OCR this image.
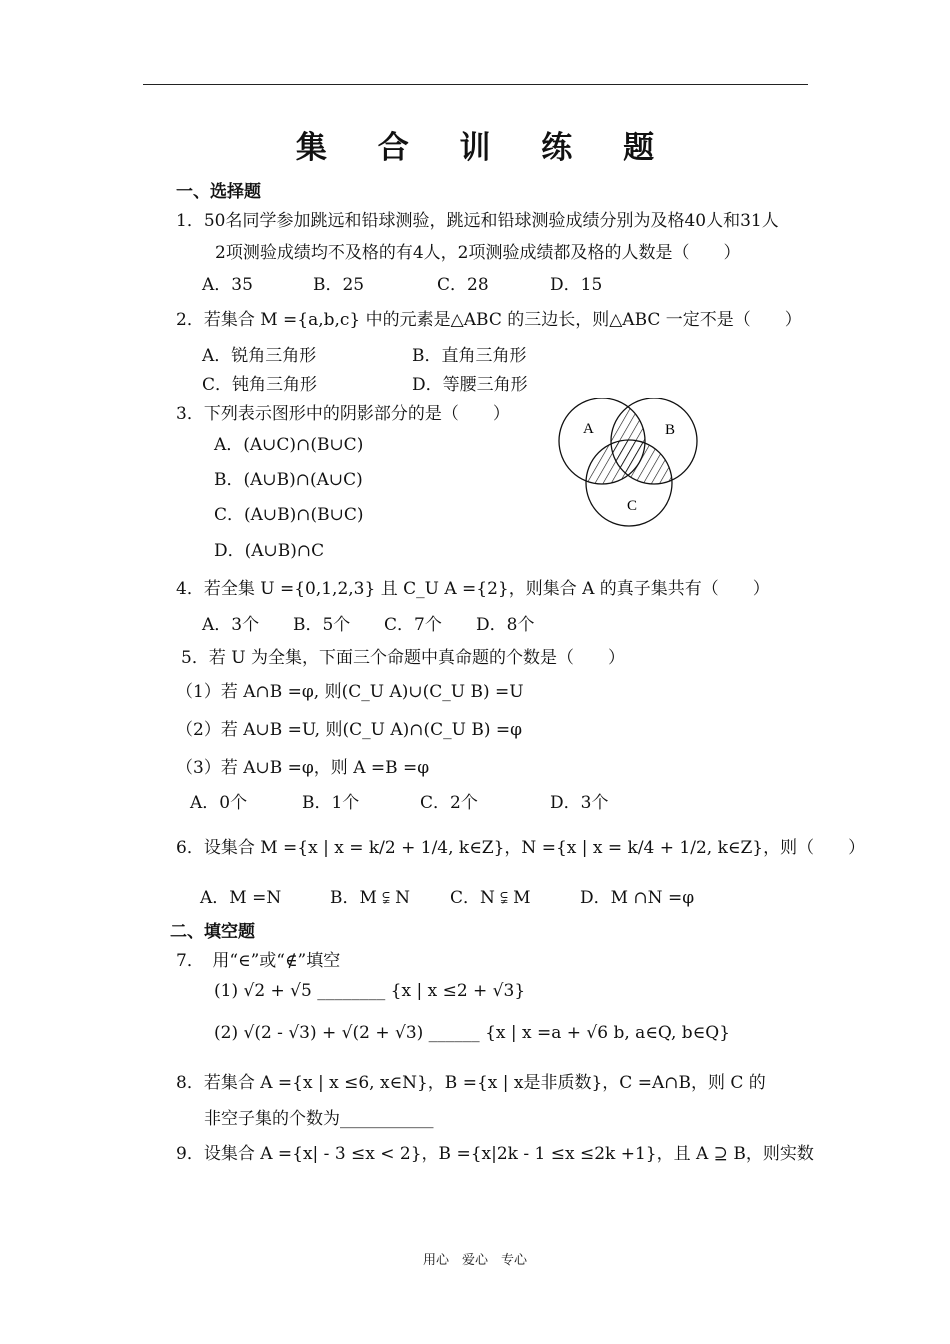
集 合 训 练 题
一、选择题
1．50名同学参加跳远和铅球测验，跳远和铅球测验成绩分别为及格40人和31人
2项测验成绩均不及格的有4人，2项测验成绩都及格的人数是（　　）
A．35	B．25	C．28	D．15
2．若集合 M ={a,b,c} 中的元素是△ABC 的三边长，则△ABC 一定不是（　　）
A．锐角三角形	B．直角三角形
C．钝角三角形	D．等腰三角形
3．下列表示图形中的阴影部分的是（　　）
A．(A∪C)∩(B∪C)
B．(A∪B)∩(A∪C)
C．(A∪B)∩(B∪C)
D．(A∪B)∩C
A	B
C
4．若全集 U ={0,1,2,3} 且 C_U A ={2}，则集合 A 的真子集共有（　　）
A．3个 B．5个 C．7个 D．8个
5．若 U 为全集，下面三个命题中真命题的个数是（　　）
（1）若 A∩B =φ, 则(C_U A)∪(C_U B) =U
（2）若 A∪B =U, 则(C_U A)∩(C_U B) =φ
（3）若 A∪B =φ，则 A =B =φ
A．0个	B．1个	C．2个	D．3个
6．设集合 M ={x | x = k/2 + 1/4, k∈Z}，N ={x | x = k/4 + 1/2, k∈Z}，则（　　）
A．M =N	B．M ⫋ N C．N ⫋ M	D．M ∩N =φ
二、填空题
7．　用“∈”或“∉”填空
(1) √2 + √5 ________ {x | x ≤2 + √3}
(2) √(2 - √3) + √(2 + √3) ______ {x | x =a + √6 b, a∈Q, b∈Q}
8．若集合 A ={x | x ≤6, x∈N}，B ={x | x是非质数}，C =A∩B，则 C 的
非空子集的个数为___________
9．设集合 A ={x| - 3 ≤x < 2}，B ={x|2k - 1 ≤x ≤2k +1}，且 A ⊇ B，则实数
用心　爱心　专心
